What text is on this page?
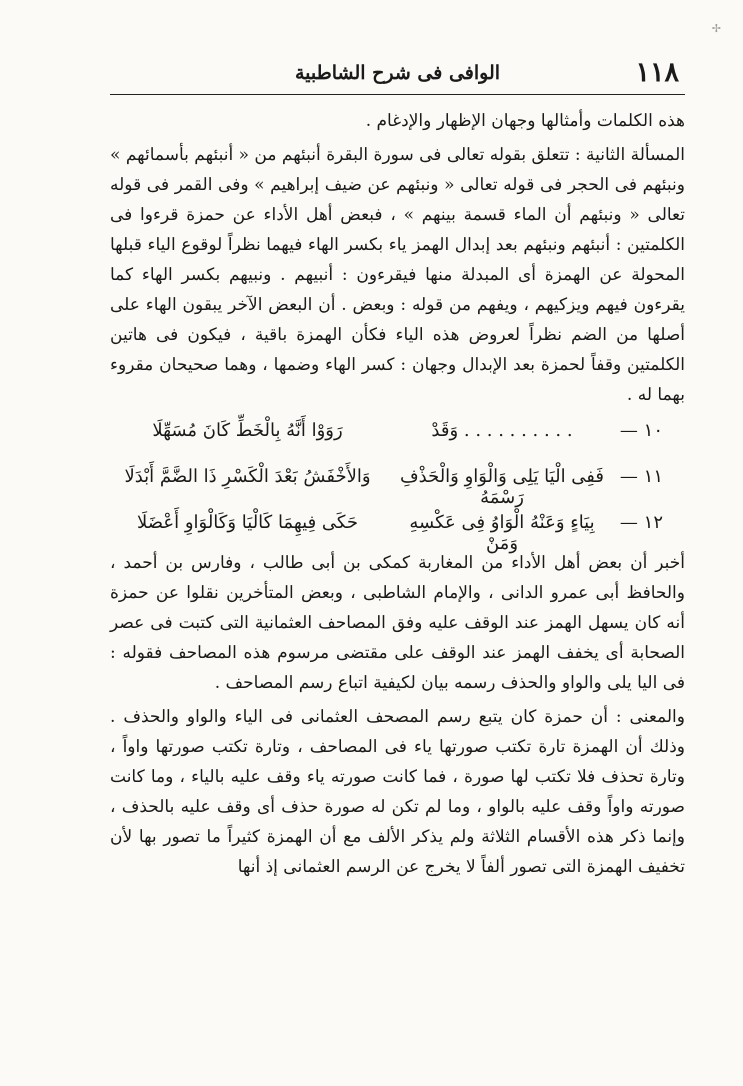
✢
١١٨
الوافى فى شرح الشاطبية

هذه الكلمات وأمثالها وجهان الإظهار والإدغام .

المسألة الثانية : تتعلق بقوله تعالى فى سورة البقرة أنبئهم من « أنبئهم بأسمائهم » ونبئهم فى الحجر فى قوله تعالى « ونبئهم عن ضيف إبراهيم » وفى القمر فى قوله تعالى « ونبئهم أن الماء قسمة بينهم » ، فبعض أهل الأداء عن حمزة قرءوا فى الكلمتين : أنبئهم ونبئهم بعد إبدال الهمز ياء بكسر الهاء فيهما نظراً لوقوع الياء قبلها المحولة عن الهمزة أى المبدلة منها فيقرءون : أنبيهم . ونبيهم بكسر الهاء كما يقرءون فيهم ويزكيهم ، ويفهم من قوله : وبعض . أن البعض الآخر يبقون الهاء على أصلها من الضم نظراً لعروض هذه الياء فكأن الهمزة باقية ، فيكون فى هاتين الكلمتين وقفاً لحمزة بعد الإبدال وجهان : كسر الهاء وضمها ، وهما صحيحان مقروء بهما له .

١٠ —
. . . . . . . . . . وَقَدْ
رَوَوْا أَنَّهُ بِالْخَطِّ كَانَ مُسَهِّلَا
١١ —
فَفِى الْيَا يَلِى وَالْوَاوِ وَالْحَذْفِ رَسْمَهُ
وَالأَخْفَشُ بَعْدَ الْكَسْرِ ذَا الضَّمَّ أَبْدَلَا
١٢ —
بِيَاءٍ وَعَنْهُ الْوَاوُ فِى عَكْسِهِ وَمَنْ
حَكَى فِيهِمَا كَالْيَا وَكَالْوَاوِ أَعْضَلَا

أخبر أن بعض أهل الأداء من المغاربة كمكى بن أبى طالب ، وفارس بن أحمد ، والحافظ أبى عمرو الدانى ، والإمام الشاطبى ، وبعض المتأخرين نقلوا عن حمزة أنه كان يسهل الهمز عند الوقف عليه وفق المصاحف العثمانية التى كتبت فى عصر الصحابة أى يخفف الهمز عند الوقف على مقتضى مرسوم هذه المصاحف فقوله : فى اليا يلى والواو والحذف رسمه بيان لكيفية اتباع رسم المصاحف .

والمعنى : أن حمزة كان يتبع رسم المصحف العثمانى فى الياء والواو والحذف . وذلك أن الهمزة تارة تكتب صورتها ياء فى المصاحف ، وتارة تكتب صورتها واواً ، وتارة تحذف فلا تكتب لها صورة ، فما كانت صورته ياء وقف عليه بالياء ، وما كانت صورته واواً وقف عليه بالواو ، وما لم تكن له صورة حذف أى وقف عليه بالحذف ، وإنما ذكر هذه الأقسام الثلاثة ولم يذكر الألف مع أن الهمزة كثيراً ما تصور بها لأن تخفيف الهمزة التى تصور ألفاً لا يخرج عن الرسم العثمانى إذ أنها
